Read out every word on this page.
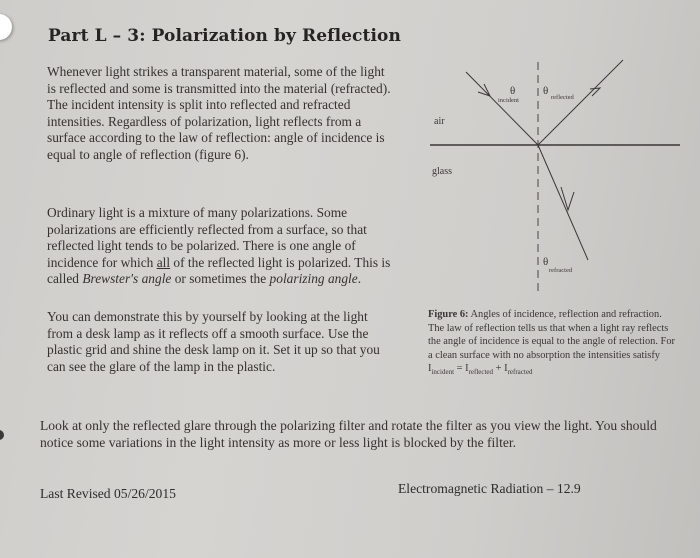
Part L – 3: Polarization by Reflection
Whenever light strikes a transparent material, some of the light is reflected and some is transmitted into the material (refracted). The incident intensity is split into reflected and refracted intensities. Regardless of polarization, light reflects from a surface according to the law of reflection: angle of incidence is equal to angle of reflection (figure 6).
Ordinary light is a mixture of many polarizations. Some polarizations are efficiently reflected from a surface, so that reflected light tends to be polarized. There is one angle of incidence for which all of the reflected light is polarized. This is called Brewster's angle or sometimes the polarizing angle.
You can demonstrate this by yourself by looking at the light from a desk lamp as it reflects off a smooth surface. Use the plastic grid and shine the desk lamp on it. Set it up so that you can see the glare of the lamp in the plastic.
air
glass
θ
incident
θ
reflected
θ
refracted
Figure 6: Angles of incidence, reflection and refraction. The law of reflection tells us that when a light ray reflects the angle of incidence is equal to the angle of relection. For a clean surface with no absorption the intensities satisfy $I_{incident} = I_{reflected} + I_{refracted}$
Look at only the reflected glare through the polarizing filter and rotate the filter as you view the light. You should notice some variations in the light intensity as more or less light is blocked by the filter.
Last Revised 05/26/2015	Electromagnetic Radiation – 12.9
